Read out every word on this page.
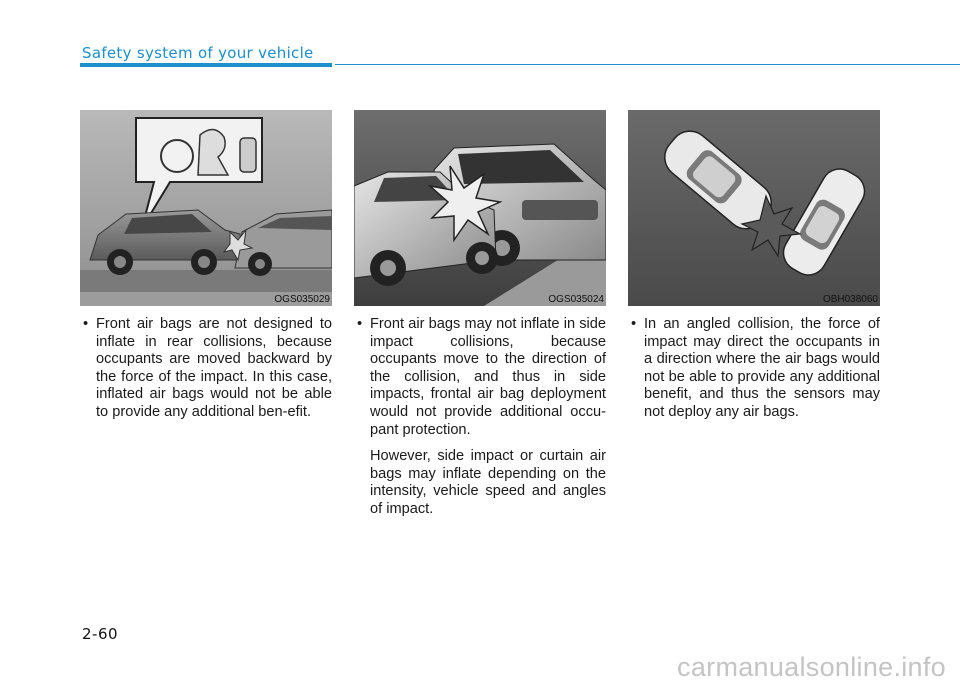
Safety system of your vehicle
OGS035029	OGS035024	OBH038060
• Front air bags are not designed to inflate in rear collisions, because occupants are moved backward by the force of the impact. In this case, inflated air bags would not be able to provide any additional ben-efit.
• Front air bags may not inflate in side impact collisions, because occupants move to the direction of the collision, and thus in side impacts, frontal air bag deployment would not provide additional occu-pant protection.
However, side impact or curtain air bags may inflate depending on the intensity, vehicle speed and angles of impact.
• In an angled collision, the force of impact may direct the occupants in a direction where the air bags would not be able to provide any additional benefit, and thus the sensors may not deploy any air bags.
2-60
carmanualsonline.info
